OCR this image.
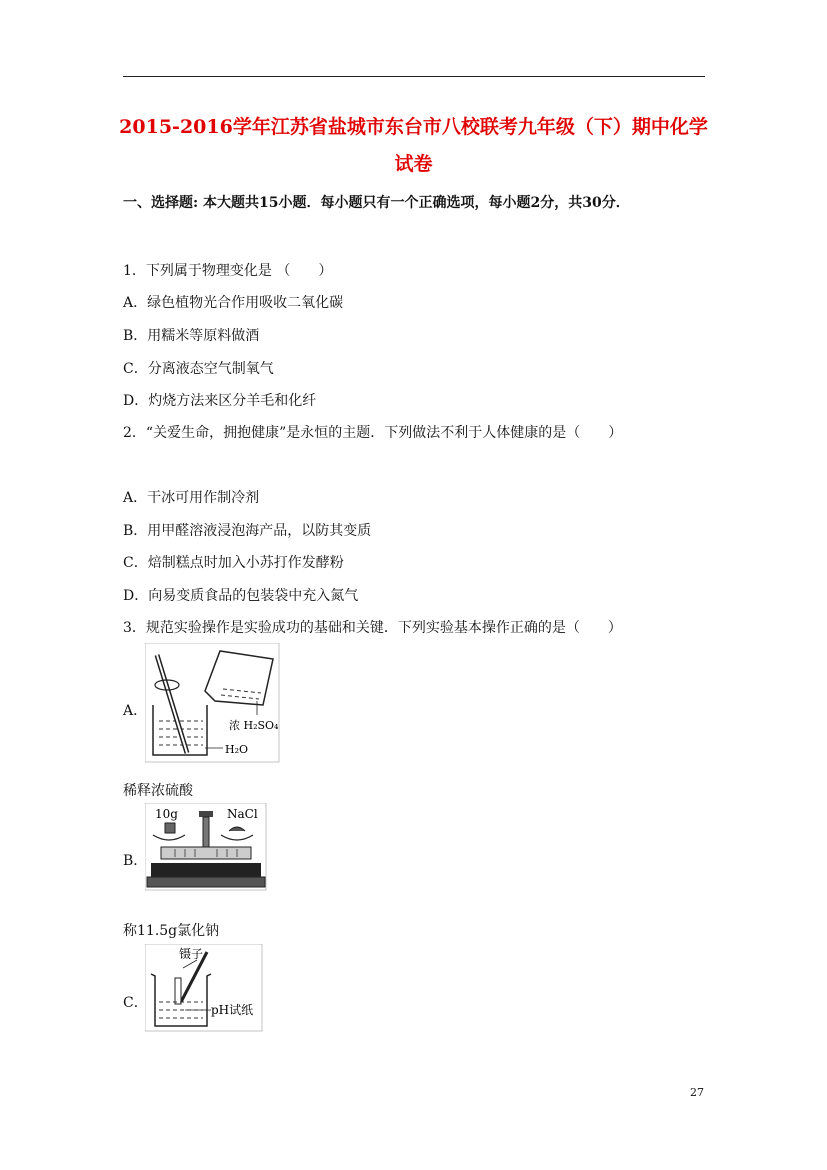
2015-2016学年江苏省盐城市东台市八校联考九年级（下）期中化学
试卷
一、选择题: 本大题共15小题．每小题只有一个正确选项，每小题2分，共30分．
1．下列属于物理变化是 （　　）
A．绿色植物光合作用吸收二氧化碳
B．用糯米等原料做酒
C．分离液态空气制氧气
D．灼烧方法来区分羊毛和化纤
2．“关爱生命，拥抱健康”是永恒的主题．下列做法不利于人体健康的是（　　）
A．干冰可用作制冷剂
B．用甲醛溶液浸泡海产品，以防其变质
C．焙制糕点时加入小苏打作发酵粉
D．向易变质食品的包装袋中充入氮气
3．规范实验操作是实验成功的基础和关键．下列实验基本操作正确的是（　　）
A．
浓 H₂SO₄
H₂O
稀释浓硫酸
B．
10g	NaCl
称11.5g氯化钠
C．
镊子
pH试纸
27
